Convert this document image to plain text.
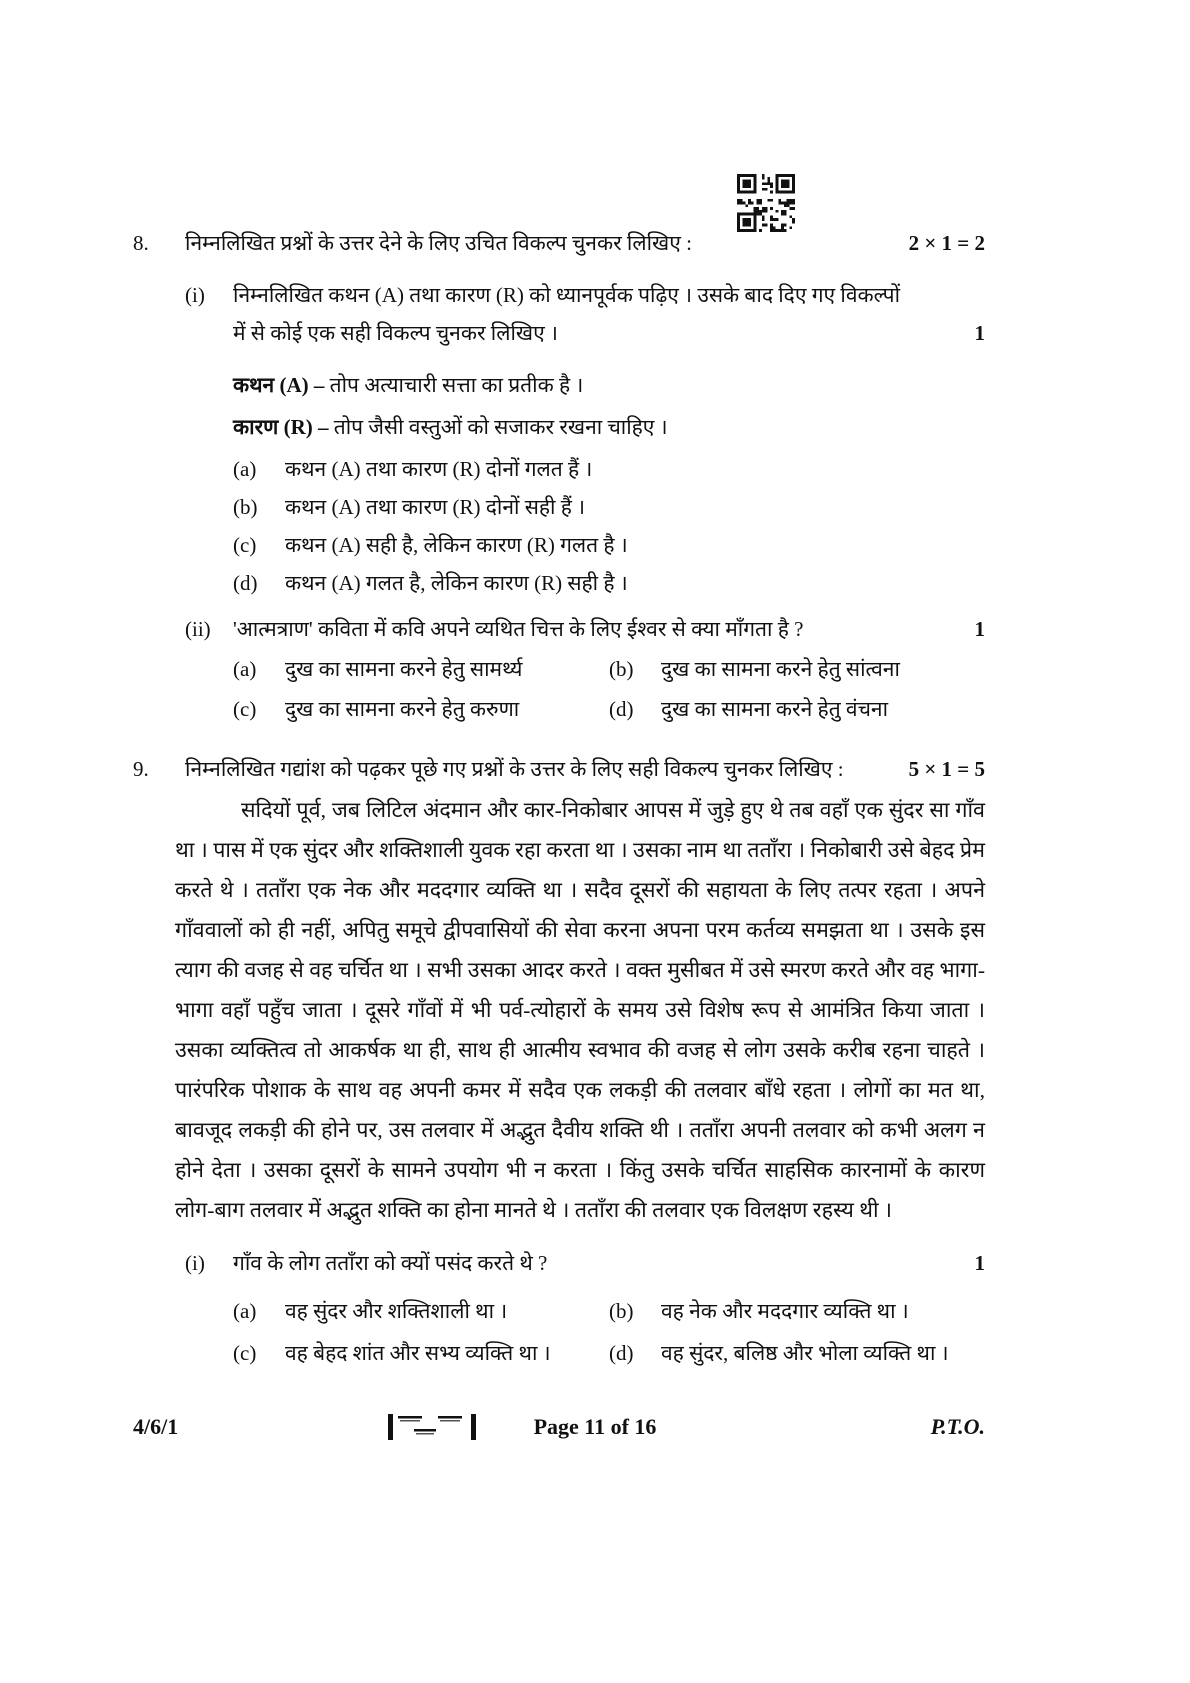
8.	निम्नलिखित प्रश्नों के उत्तर देने के लिए उचित विकल्प चुनकर लिखिए :	2 × 1 = 2
(i)	निम्नलिखित कथन (A) तथा कारण (R) को ध्यानपूर्वक पढ़िए । उसके बाद दिए गए विकल्पों में से कोई एक सही विकल्प चुनकर लिखिए ।	1
कथन (A) – तोप अत्याचारी सत्ता का प्रतीक है ।
कारण (R) – तोप जैसी वस्तुओं को सजाकर रखना चाहिए ।
(a)	कथन (A) तथा कारण (R) दोनों गलत हैं ।
(b)	कथन (A) तथा कारण (R) दोनों सही हैं ।
(c)	कथन (A) सही है, लेकिन कारण (R) गलत है ।
(d)	कथन (A) गलत है, लेकिन कारण (R) सही है ।
(ii)	'आत्मत्राण' कविता में कवि अपने व्यथित चित्त के लिए ईश्वर से क्या माँगता है ?	1
(a)	दुख का सामना करने हेतु सामर्थ्य	(b)	दुख का सामना करने हेतु सांत्वना
(c)	दुख का सामना करने हेतु करुणा	(d)	दुख का सामना करने हेतु वंचना
9.	निम्नलिखित गद्यांश को पढ़कर पूछे गए प्रश्नों के उत्तर के लिए सही विकल्प चुनकर लिखिए :	5 × 1 = 5

सदियों पूर्व, जब लिटिल अंदमान और कार-निकोबार आपस में जुड़े हुए थे तब वहाँ एक सुंदर सा गाँव था । पास में एक सुंदर और शक्तिशाली युवक रहा करता था । उसका नाम था तताँरा । निकोबारी उसे बेहद प्रेम करते थे । तताँरा एक नेक और मददगार व्यक्ति था । सदैव दूसरों की सहायता के लिए तत्पर रहता । अपने गाँववालों को ही नहीं, अपितु समूचे द्वीपवासियों की सेवा करना अपना परम कर्तव्य समझता था । उसके इस त्याग की वजह से वह चर्चित था । सभी उसका आदर करते । वक्त मुसीबत में उसे स्मरण करते और वह भागा-भागा वहाँ पहुँच जाता । दूसरे गाँवों में भी पर्व-त्योहारों के समय उसे विशेष रूप से आमंत्रित किया जाता । उसका व्यक्तित्व तो आकर्षक था ही, साथ ही आत्मीय स्वभाव की वजह से लोग उसके करीब रहना चाहते । पारंपरिक पोशाक के साथ वह अपनी कमर में सदैव एक लकड़ी की तलवार बाँधे रहता । लोगों का मत था, बावजूद लकड़ी की होने पर, उस तलवार में अद्भुत दैवीय शक्ति थी । तताँरा अपनी तलवार को कभी अलग न होने देता । उसका दूसरों के सामने उपयोग भी न करता । किंतु उसके चर्चित साहसिक कारनामों के कारण लोग-बाग तलवार में अद्भुत शक्ति का होना मानते थे । तताँरा की तलवार एक विलक्षण रहस्य थी ।

(i)	गाँव के लोग तताँरा को क्यों पसंद करते थे ?	1
(a)	वह सुंदर और शक्तिशाली था ।	(b)	वह नेक और मददगार व्यक्ति था ।
(c)	वह बेहद शांत और सभ्य व्यक्ति था ।	(d)	वह सुंदर, बलिष्ठ और भोला व्यक्ति था ।
4/6/1	Page 11 of 16	P.T.O.
